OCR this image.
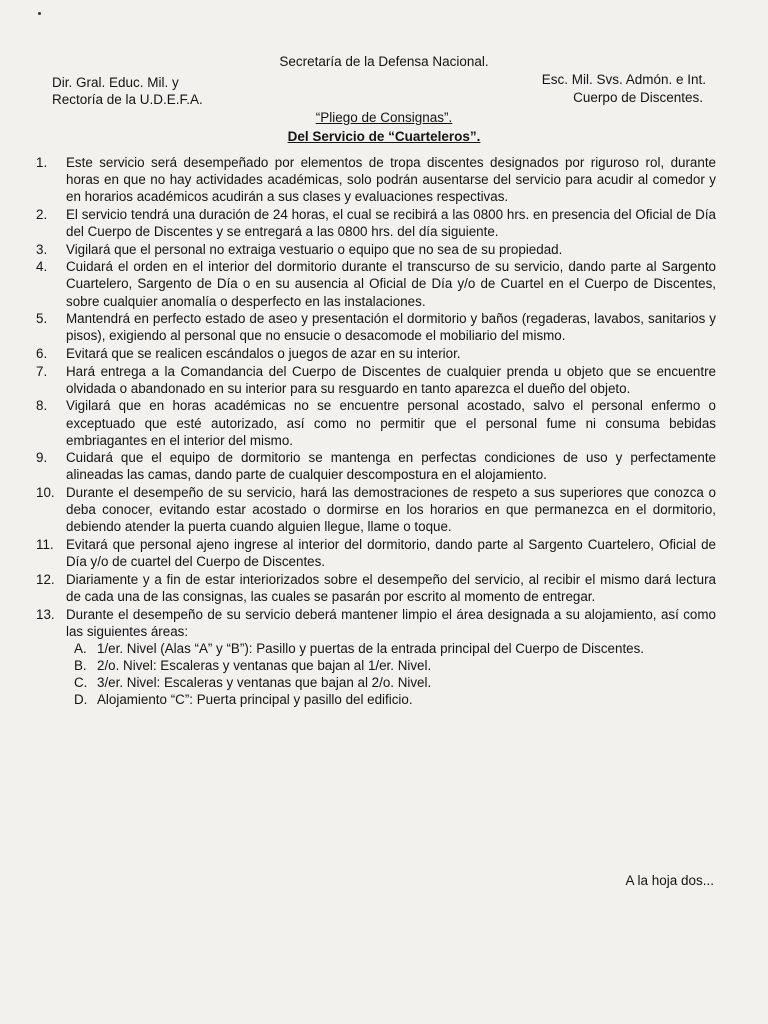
Secretaría de la Defensa Nacional.
Dir. Gral. Educ. Mil. y
Rectoría de la U.D.E.F.A.
Esc. Mil. Svs. Admón. e Int.
Cuerpo de Discentes.
“Pliego de Consignas”.
Del Servicio de “Cuarteleros”.
1.	Este servicio será desempeñado por elementos de tropa discentes designados por riguroso rol, durante horas en que no hay actividades académicas, solo podrán ausentarse del servicio para acudir al comedor y en horarios académicos acudirán a sus clases y evaluaciones respectivas.
2.	El servicio tendrá una duración de 24 horas, el cual se recibirá a las 0800 hrs. en presencia del Oficial de Día del Cuerpo de Discentes y se entregará a las 0800 hrs. del día siguiente.
3.	Vigilará que el personal no extraiga vestuario o equipo que no sea de su propiedad.
4.	Cuidará el orden en el interior del dormitorio durante el transcurso de su servicio, dando parte al Sargento Cuartelero, Sargento de Día o en su ausencia al Oficial de Día y/o de Cuartel en el Cuerpo de Discentes, sobre cualquier anomalía o desperfecto en las instalaciones.
5.	Mantendrá en perfecto estado de aseo y presentación el dormitorio y baños (regaderas, lavabos, sanitarios y pisos), exigiendo al personal que no ensucie o desacomode el mobiliario del mismo.
6.	Evitará que se realicen escándalos o juegos de azar en su interior.
7.	Hará entrega a la Comandancia del Cuerpo de Discentes de cualquier prenda u objeto que se encuentre olvidada o abandonado en su interior para su resguardo en tanto aparezca el dueño del objeto.
8.	Vigilará que en horas académicas no se encuentre personal acostado, salvo el personal enfermo o exceptuado que esté autorizado, así como no permitir que el personal fume ni consuma bebidas embriagantes en el interior del mismo.
9.	Cuidará que el equipo de dormitorio se mantenga en perfectas condiciones de uso y perfectamente alineadas las camas, dando parte de cualquier descompostura en el alojamiento.
10. Durante el desempeño de su servicio, hará las demostraciones de respeto a sus superiores que conozca o deba conocer, evitando estar acostado o dormirse en los horarios en que permanezca en el dormitorio, debiendo atender la puerta cuando alguien llegue, llame o toque.
11. Evitará que personal ajeno ingrese al interior del dormitorio, dando parte al Sargento Cuartelero, Oficial de Día y/o de cuartel del Cuerpo de Discentes.
12. Diariamente y a fin de estar interiorizados sobre el desempeño del servicio, al recibir el mismo dará lectura de cada una de las consignas, las cuales se pasarán por escrito al momento de entregar.
13. Durante el desempeño de su servicio deberá mantener limpio el área designada a su alojamiento, así como las siguientes áreas:
A. 1/er. Nivel (Alas “A” y “B”): Pasillo y puertas de la entrada principal del Cuerpo de Discentes.
B. 2/o. Nivel: Escaleras y ventanas que bajan al 1/er. Nivel.
C. 3/er. Nivel: Escaleras y ventanas que bajan al 2/o. Nivel.
D. Alojamiento “C”: Puerta principal y pasillo del edificio.
A la hoja dos...
